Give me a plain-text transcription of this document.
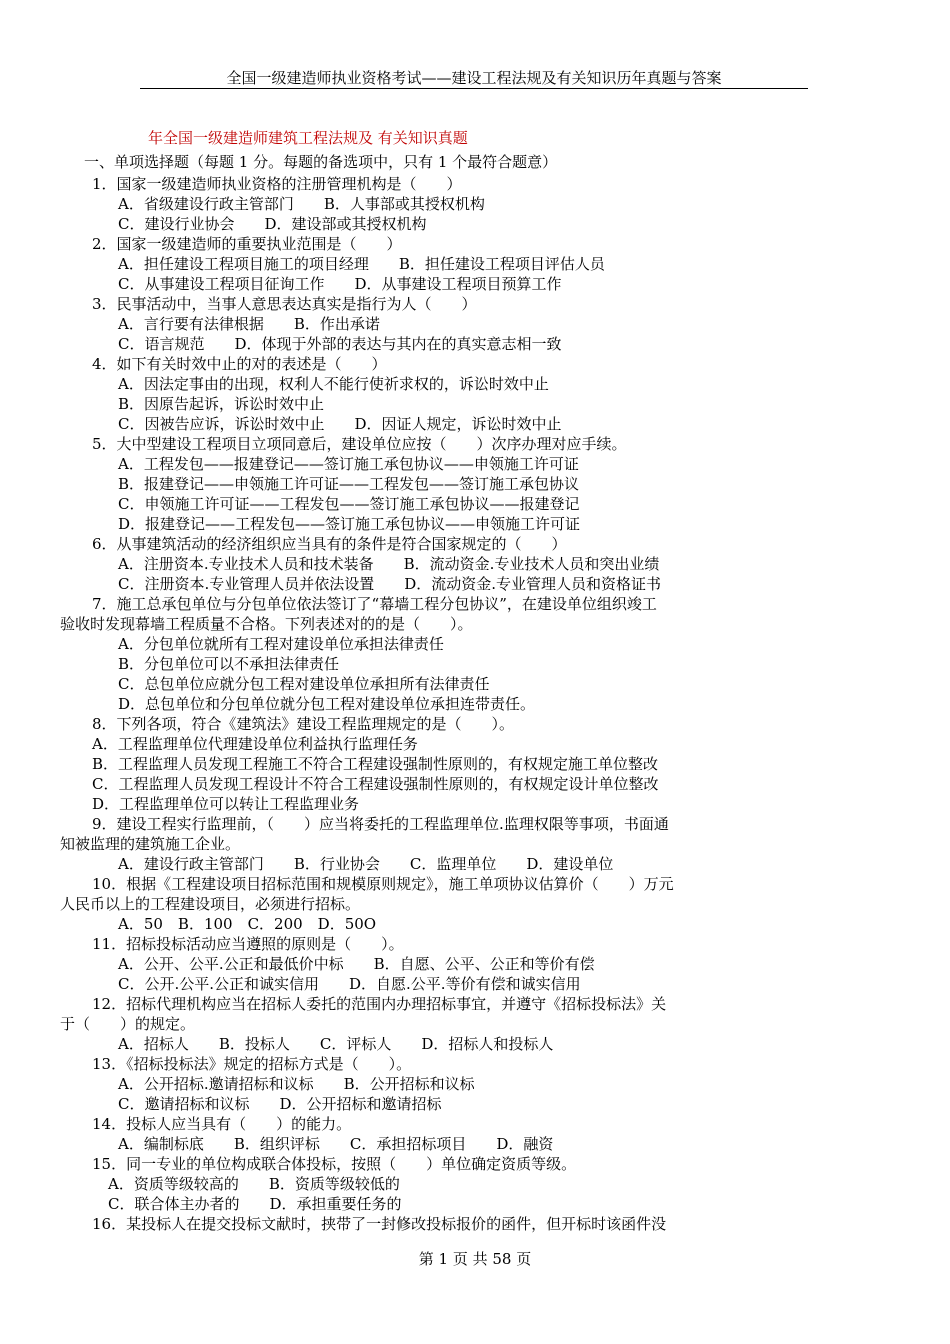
全国一级建造师执业资格考试——建设工程法规及有关知识历年真题与答案
年全国一级建造师建筑工程法规及 有关知识真题
一、单项选择题（每题 1 分。每题的备选项中，只有 1 个最符合题意）
1．国家一级建造师执业资格的注册管理机构是（　　）
A．省级建设行政主管部门　　B．人事部或其授权机构
C．建设行业协会　　D．建设部或其授权机构
2．国家一级建造师的重要执业范围是（　　）
A．担任建设工程项目施工的项目经理　　B．担任建设工程项目评估人员
C．从事建设工程项目征询工作　　D．从事建设工程项目预算工作
3．民事活动中，当事人意思表达真实是指行为人（　　）
A．言行要有法律根据　　B．作出承诺
C．语言规范　　D．体现于外部的表达与其内在的真实意志相一致
4．如下有关时效中止的对的表述是（　　）
A．因法定事由的出现，权利人不能行使祈求权的，诉讼时效中止
B．因原告起诉，诉讼时效中止
C．因被告应诉，诉讼时效中止　　D．因证人规定，诉讼时效中止
5．大中型建设工程项目立项同意后，建设单位应按（　　）次序办理对应手续。
A．工程发包——报建登记——签订施工承包协议——申领施工许可证
B．报建登记——申领施工许可证——工程发包——签订施工承包协议
C．申领施工许可证——工程发包——签订施工承包协议——报建登记
D．报建登记——工程发包——签订施工承包协议——申领施工许可证
6．从事建筑活动的经济组织应当具有的条件是符合国家规定的（　　）
A．注册资本.专业技术人员和技术装备　　B．流动资金.专业技术人员和突出业绩
C．注册资本.专业管理人员并依法设置　　D．流动资金.专业管理人员和资格证书
7．施工总承包单位与分包单位依法签订了“幕墙工程分包协议”，在建设单位组织竣工
验收时发现幕墙工程质量不合格。下列表述对的的是（　　）。
A．分包单位就所有工程对建设单位承担法律责任
B．分包单位可以不承担法律责任
C．总包单位应就分包工程对建设单位承担所有法律责任
D．总包单位和分包单位就分包工程对建设单位承担连带责任。
8．下列各项，符合《建筑法》建设工程监理规定的是（　　）。
A．工程监理单位代理建设单位利益执行监理任务
B．工程监理人员发现工程施工不符合工程建设强制性原则的，有权规定施工单位整改
C．工程监理人员发现工程设计不符合工程建设强制性原则的，有权规定设计单位整改
D．工程监理单位可以转让工程监理业务
9．建设工程实行监理前，（　　）应当将委托的工程监理单位.监理权限等事项，书面通
知被监理的建筑施工企业。
A．建设行政主管部门　　B．行业协会　　C．监理单位　　D．建设单位
10．根据《工程建设项目招标范围和规模原则规定》，施工单项协议估算价（　　）万元
人民币以上的工程建设项目，必须进行招标。
A．50　B．100　C．200　D．50O
11．招标投标活动应当遵照的原则是（　　）。
A．公开、公平.公正和最低价中标　　B．自愿、公平、公正和等价有偿
C．公开.公平.公正和诚实信用　　D．自愿.公平.等价有偿和诚实信用
12．招标代理机构应当在招标人委托的范围内办理招标事宜，并遵守《招标投标法》关
于（　　）的规定。
A．招标人　　B．投标人　　C．评标人　　D．招标人和投标人
13．《招标投标法》规定的招标方式是（　　）。
A．公开招标.邀请招标和议标　　B．公开招标和议标
C．邀请招标和议标　　D．公开招标和邀请招标
14．投标人应当具有（　　）的能力。
A．编制标底　　B．组织评标　　C．承担招标项目　　D．融资
15．同一专业的单位构成联合体投标，按照（　　）单位确定资质等级。
A．资质等级较高的　　B．资质等级较低的
C．联合体主办者的　　D．承担重要任务的
16．某投标人在提交投标文献时，挟带了一封修改投标报价的函件，但开标时该函件没
第 1 页 共 58 页
